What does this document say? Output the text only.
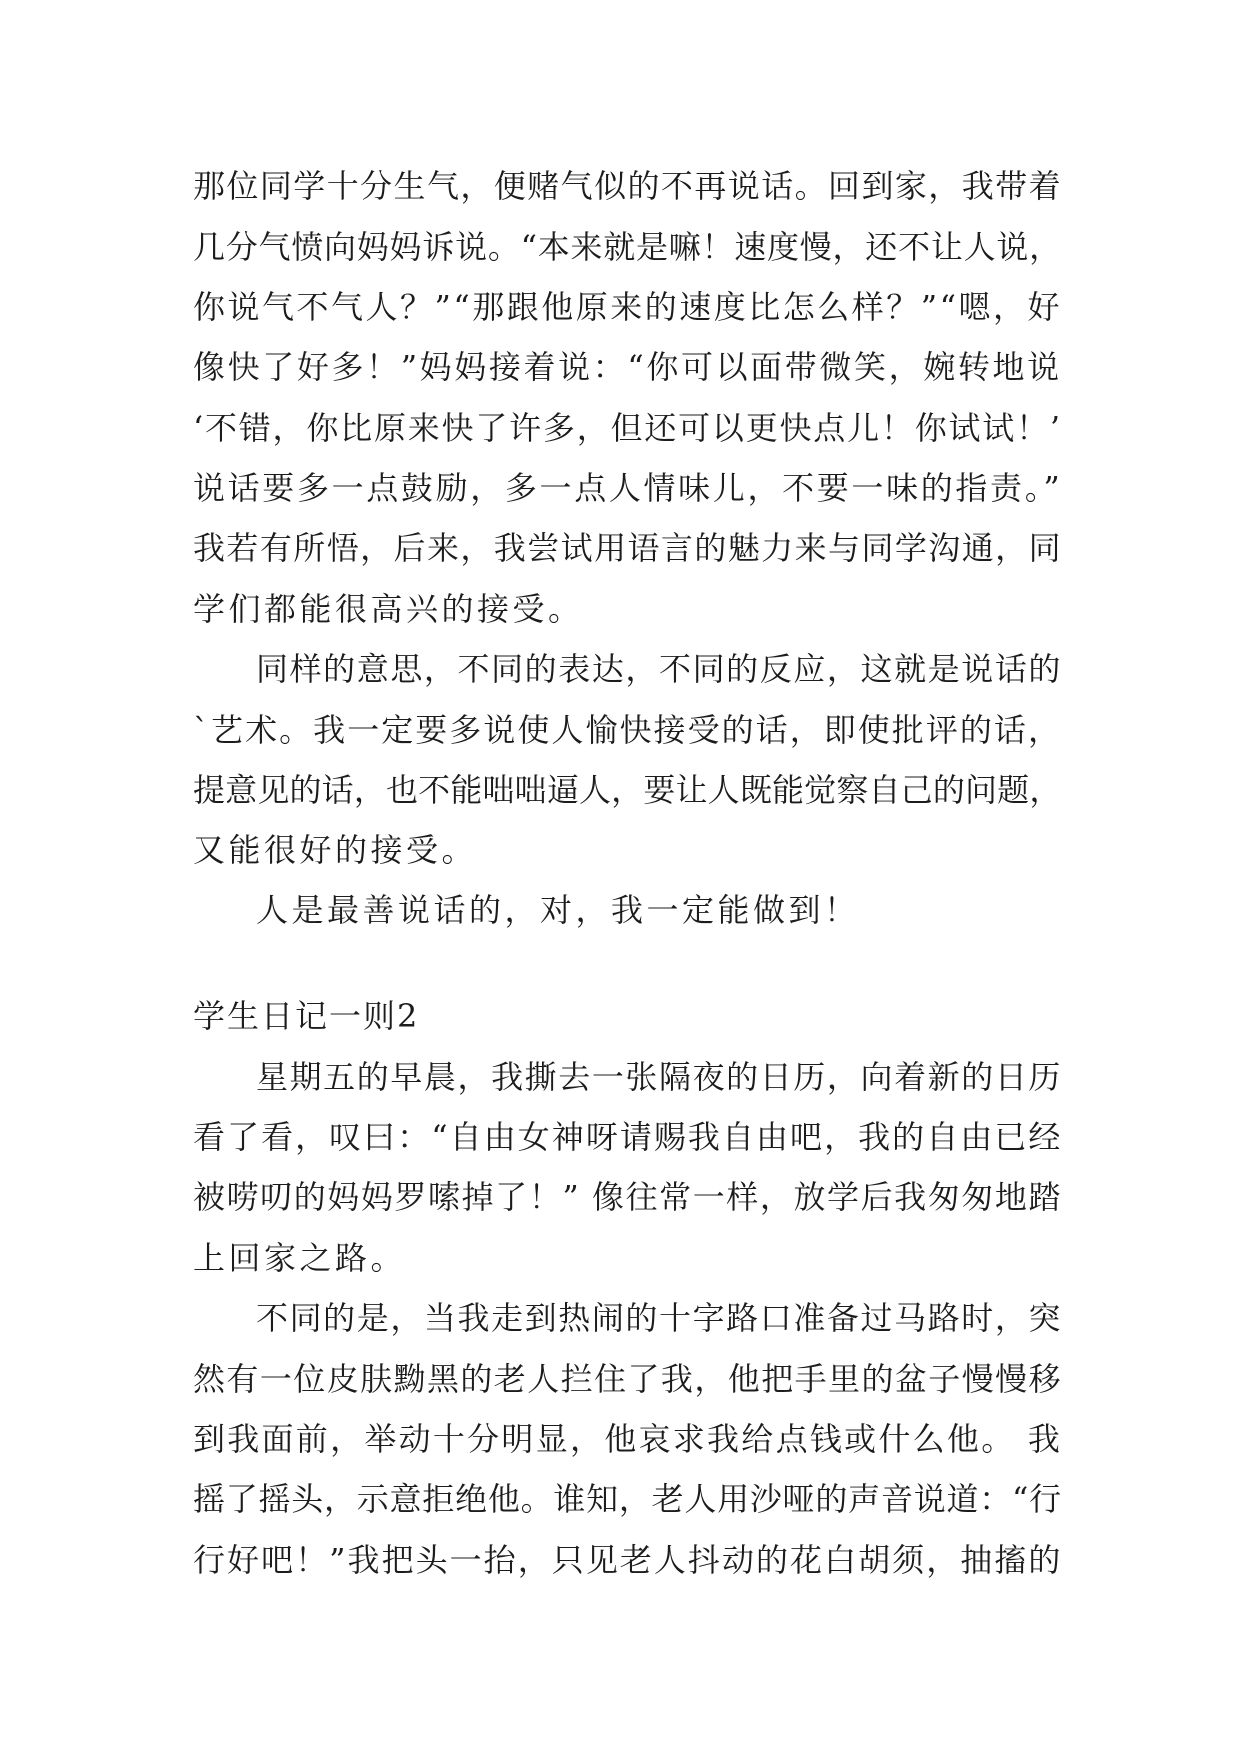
那位同学十分生气，便赌气似的不再说话。回到家，我带着
几分气愤向妈妈诉说。“本来就是嘛！速度慢，还不让人说，
你说气不气人？”“那跟他原来的速度比怎么样？”“嗯，好
像快了好多！”妈妈接着说：“你可以面带微笑，婉转地说
‘不错，你比原来快了许多，但还可以更快点儿！你试试！’
说话要多一点鼓励，多一点人情味儿，不要一味的指责。”
我若有所悟，后来，我尝试用语言的魅力来与同学沟通，同
学们都能很高兴的接受。
同样的意思，不同的表达，不同的反应，这就是说话的
`艺术。我一定要多说使人愉快接受的话，即使批评的话，
提意见的话，也不能咄咄逼人，要让人既能觉察自己的问题，
又能很好的接受。
人是最善说话的，对，我一定能做到！
学生日记一则2
星期五的早晨，我撕去一张隔夜的日历，向着新的日历
看了看，叹曰：“自由女神呀请赐我自由吧，我的自由已经
被唠叨的妈妈罗嗦掉了！” 像往常一样，放学后我匆匆地踏
上回家之路。
不同的是，当我走到热闹的十字路口准备过马路时，突
然有一位皮肤黝黑的老人拦住了我，他把手里的盆子慢慢移
到我面前，举动十分明显，他哀求我给点钱或什么他。 我
摇了摇头，示意拒绝他。谁知，老人用沙哑的声音说道：“行
行好吧！”我把头一抬，只见老人抖动的花白胡须，抽搐的
